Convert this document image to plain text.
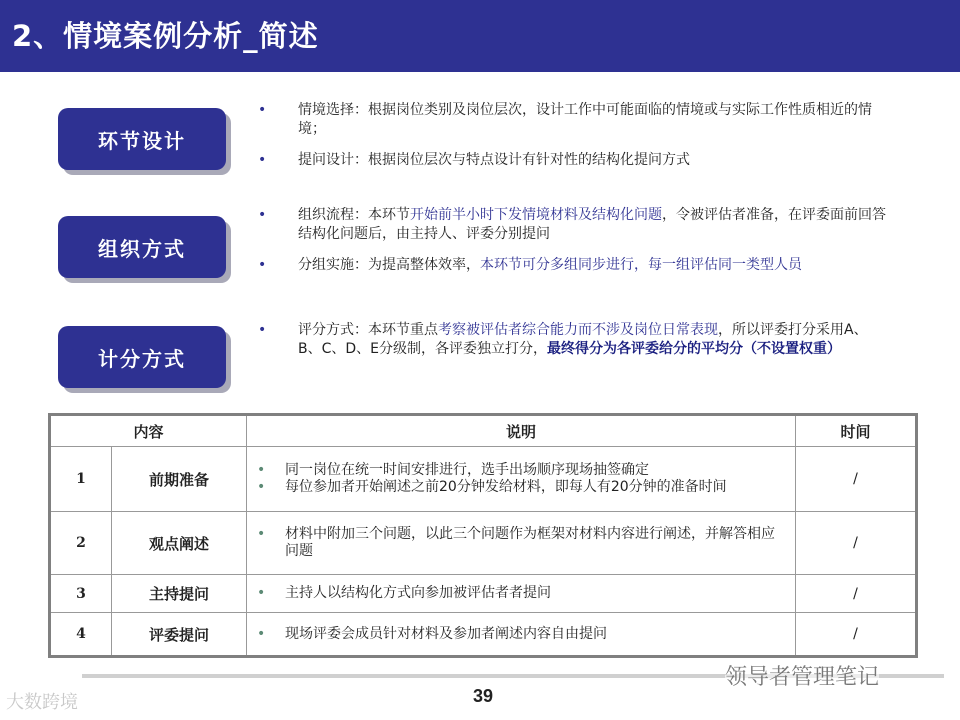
2、情境案例分析_简述
环节设计
组织方式
计分方式
• 情境选择：根据岗位类别及岗位层次，设计工作中可能面临的情境或与实际工作性质相近的情境；
• 提问设计：根据岗位层次与特点设计有针对性的结构化提问方式
• 组织流程：本环节开始前半小时下发情境材料及结构化问题，令被评估者准备，在评委面前回答结构化问题后，由主持人、评委分别提问
• 分组实施：为提高整体效率，本环节可分多组同步进行，每一组评估同一类型人员
• 评分方式：本环节重点考察被评估者综合能力而不涉及岗位日常表现，所以评委打分采用A、B、C、D、E分级制，各评委独立打分，最终得分为各评委给分的平均分（不设置权重）
内容		说明	时间
1	前期准备	• 同一岗位在统一时间安排进行，选手出场顺序现场抽签确定
• 每位参加者开始阐述之前20分钟发给材料，即每人有20分钟的准备时间	/
2	观点阐述	• 材料中附加三个问题，以此三个问题作为框架对材料内容进行阐述，并解答相应问题	/
3	主持提问	• 主持人以结构化方式向参加被评估者者提问	/
4	评委提问	• 现场评委会成员针对材料及参加者阐述内容自由提问	/
39
大数跨境
领导者管理笔记
